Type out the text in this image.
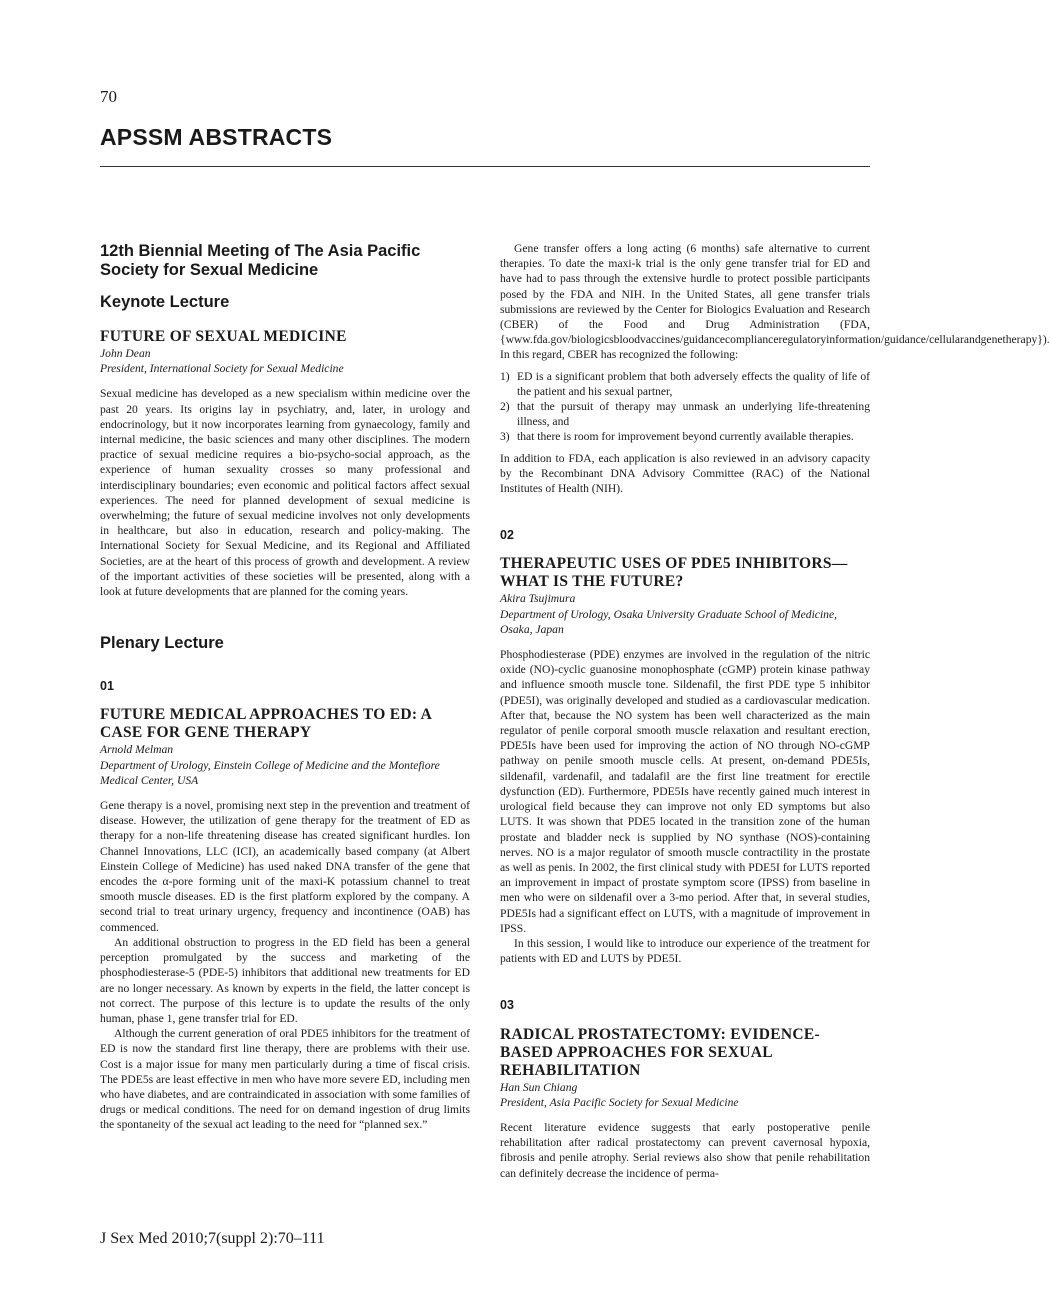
70
APSSM ABSTRACTS
12th Biennial Meeting of The Asia Pacific Society for Sexual Medicine
Keynote Lecture
FUTURE OF SEXUAL MEDICINE

John Dean

President, International Society for Sexual Medicine

Sexual medicine has developed as a new specialism within medicine over the past 20 years. Its origins lay in psychiatry, and, later, in urology and endocrinology, but it now incorporates learning from gynaecology, family and internal medicine, the basic sciences and many other disciplines. The modern practice of sexual medicine requires a bio-psycho-social approach, as the experience of human sexuality crosses so many professional and interdisciplinary boundaries; even economic and political factors affect sexual experiences. The need for planned development of sexual medicine is overwhelming; the future of sexual medicine involves not only developments in healthcare, but also in education, research and policy-making. The International Society for Sexual Medicine, and its Regional and Affiliated Societies, are at the heart of this process of growth and development. A review of the important activities of these societies will be presented, along with a look at future developments that are planned for the coming years.

Plenary Lecture
01
FUTURE MEDICAL APPROACHES TO ED: A CASE FOR GENE THERAPY

Arnold Melman

Department of Urology, Einstein College of Medicine and the Montefiore Medical Center, USA

Gene therapy is a novel, promising next step in the prevention and treatment of disease. However, the utilization of gene therapy for the treatment of ED as therapy for a non-life threatening disease has created significant hurdles. Ion Channel Innovations, LLC (ICI), an academically based company (at Albert Einstein College of Medicine) has used naked DNA transfer of the gene that encodes the α-pore forming unit of the maxi-K potassium channel to treat smooth muscle diseases. ED is the first platform explored by the company. A second trial to treat urinary urgency, frequency and incontinence (OAB) has commenced.

An additional obstruction to progress in the ED field has been a general perception promulgated by the success and marketing of the phosphodiesterase-5 (PDE-5) inhibitors that additional new treatments for ED are no longer necessary. As known by experts in the field, the latter concept is not correct. The purpose of this lecture is to update the results of the only human, phase 1, gene transfer trial for ED.

Although the current generation of oral PDE5 inhibitors for the treatment of ED is now the standard first line therapy, there are problems with their use. Cost is a major issue for many men particularly during a time of fiscal crisis. The PDE5s are least effective in men who have more severe ED, including men who have diabetes, and are contraindicated in association with some families of drugs or medical conditions. The need for on demand ingestion of drug limits the spontaneity of the sexual act leading to the need for “planned sex.”

Gene transfer offers a long acting (6 months) safe alternative to current therapies. To date the maxi-k trial is the only gene transfer trial for ED and have had to pass through the extensive hurdle to protect possible participants posed by the FDA and NIH. In the United States, all gene transfer trials submissions are reviewed by the Center for Biologics Evaluation and Research (CBER) of the Food and Drug Administration (FDA, {www.fda.gov/biologicsbloodvaccines/guidancecomplianceregulatoryinformation/guidance/cellularandgenetherapy}). In this regard, CBER has recognized the following:

1) ED is a significant problem that both adversely effects the quality of life of the patient and his sexual partner,
2) that the pursuit of therapy may unmask an underlying life-threatening illness, and
3) that there is room for improvement beyond currently available therapies.

In addition to FDA, each application is also reviewed in an advisory capacity by the Recombinant DNA Advisory Committee (RAC) of the National Institutes of Health (NIH).

02
THERAPEUTIC USES OF PDE5 INHIBITORS— WHAT IS THE FUTURE?

Akira Tsujimura

Department of Urology, Osaka University Graduate School of Medicine, Osaka, Japan

Phosphodiesterase (PDE) enzymes are involved in the regulation of the nitric oxide (NO)-cyclic guanosine monophosphate (cGMP) protein kinase pathway and influence smooth muscle tone. Sildenafil, the first PDE type 5 inhibitor (PDE5I), was originally developed and studied as a cardiovascular medication. After that, because the NO system has been well characterized as the main regulator of penile corporal smooth muscle relaxation and resultant erection, PDE5Is have been used for improving the action of NO through NO-cGMP pathway on penile smooth muscle cells. At present, on-demand PDE5Is, sildenafil, vardenafil, and tadalafil are the first line treatment for erectile dysfunction (ED). Furthermore, PDE5Is have recently gained much interest in urological field because they can improve not only ED symptoms but also LUTS. It was shown that PDE5 located in the transition zone of the human prostate and bladder neck is supplied by NO synthase (NOS)-containing nerves. NO is a major regulator of smooth muscle contractility in the prostate as well as penis. In 2002, the first clinical study with PDE5I for LUTS reported an improvement in impact of prostate symptom score (IPSS) from baseline in men who were on sildenafil over a 3-mo period. After that, in several studies, PDE5Is had a significant effect on LUTS, with a magnitude of improvement in IPSS.

In this session, I would like to introduce our experience of the treatment for patients with ED and LUTS by PDE5I.

03
RADICAL PROSTATECTOMY: EVIDENCE-BASED APPROACHES FOR SEXUAL REHABILITATION

Han Sun Chiang

President, Asia Pacific Society for Sexual Medicine

Recent literature evidence suggests that early postoperative penile rehabilitation after radical prostatectomy can prevent cavernosal hypoxia, fibrosis and penile atrophy. Serial reviews also show that penile rehabilitation can definitely decrease the incidence of perma-

J Sex Med 2010;7(suppl 2):70–111
